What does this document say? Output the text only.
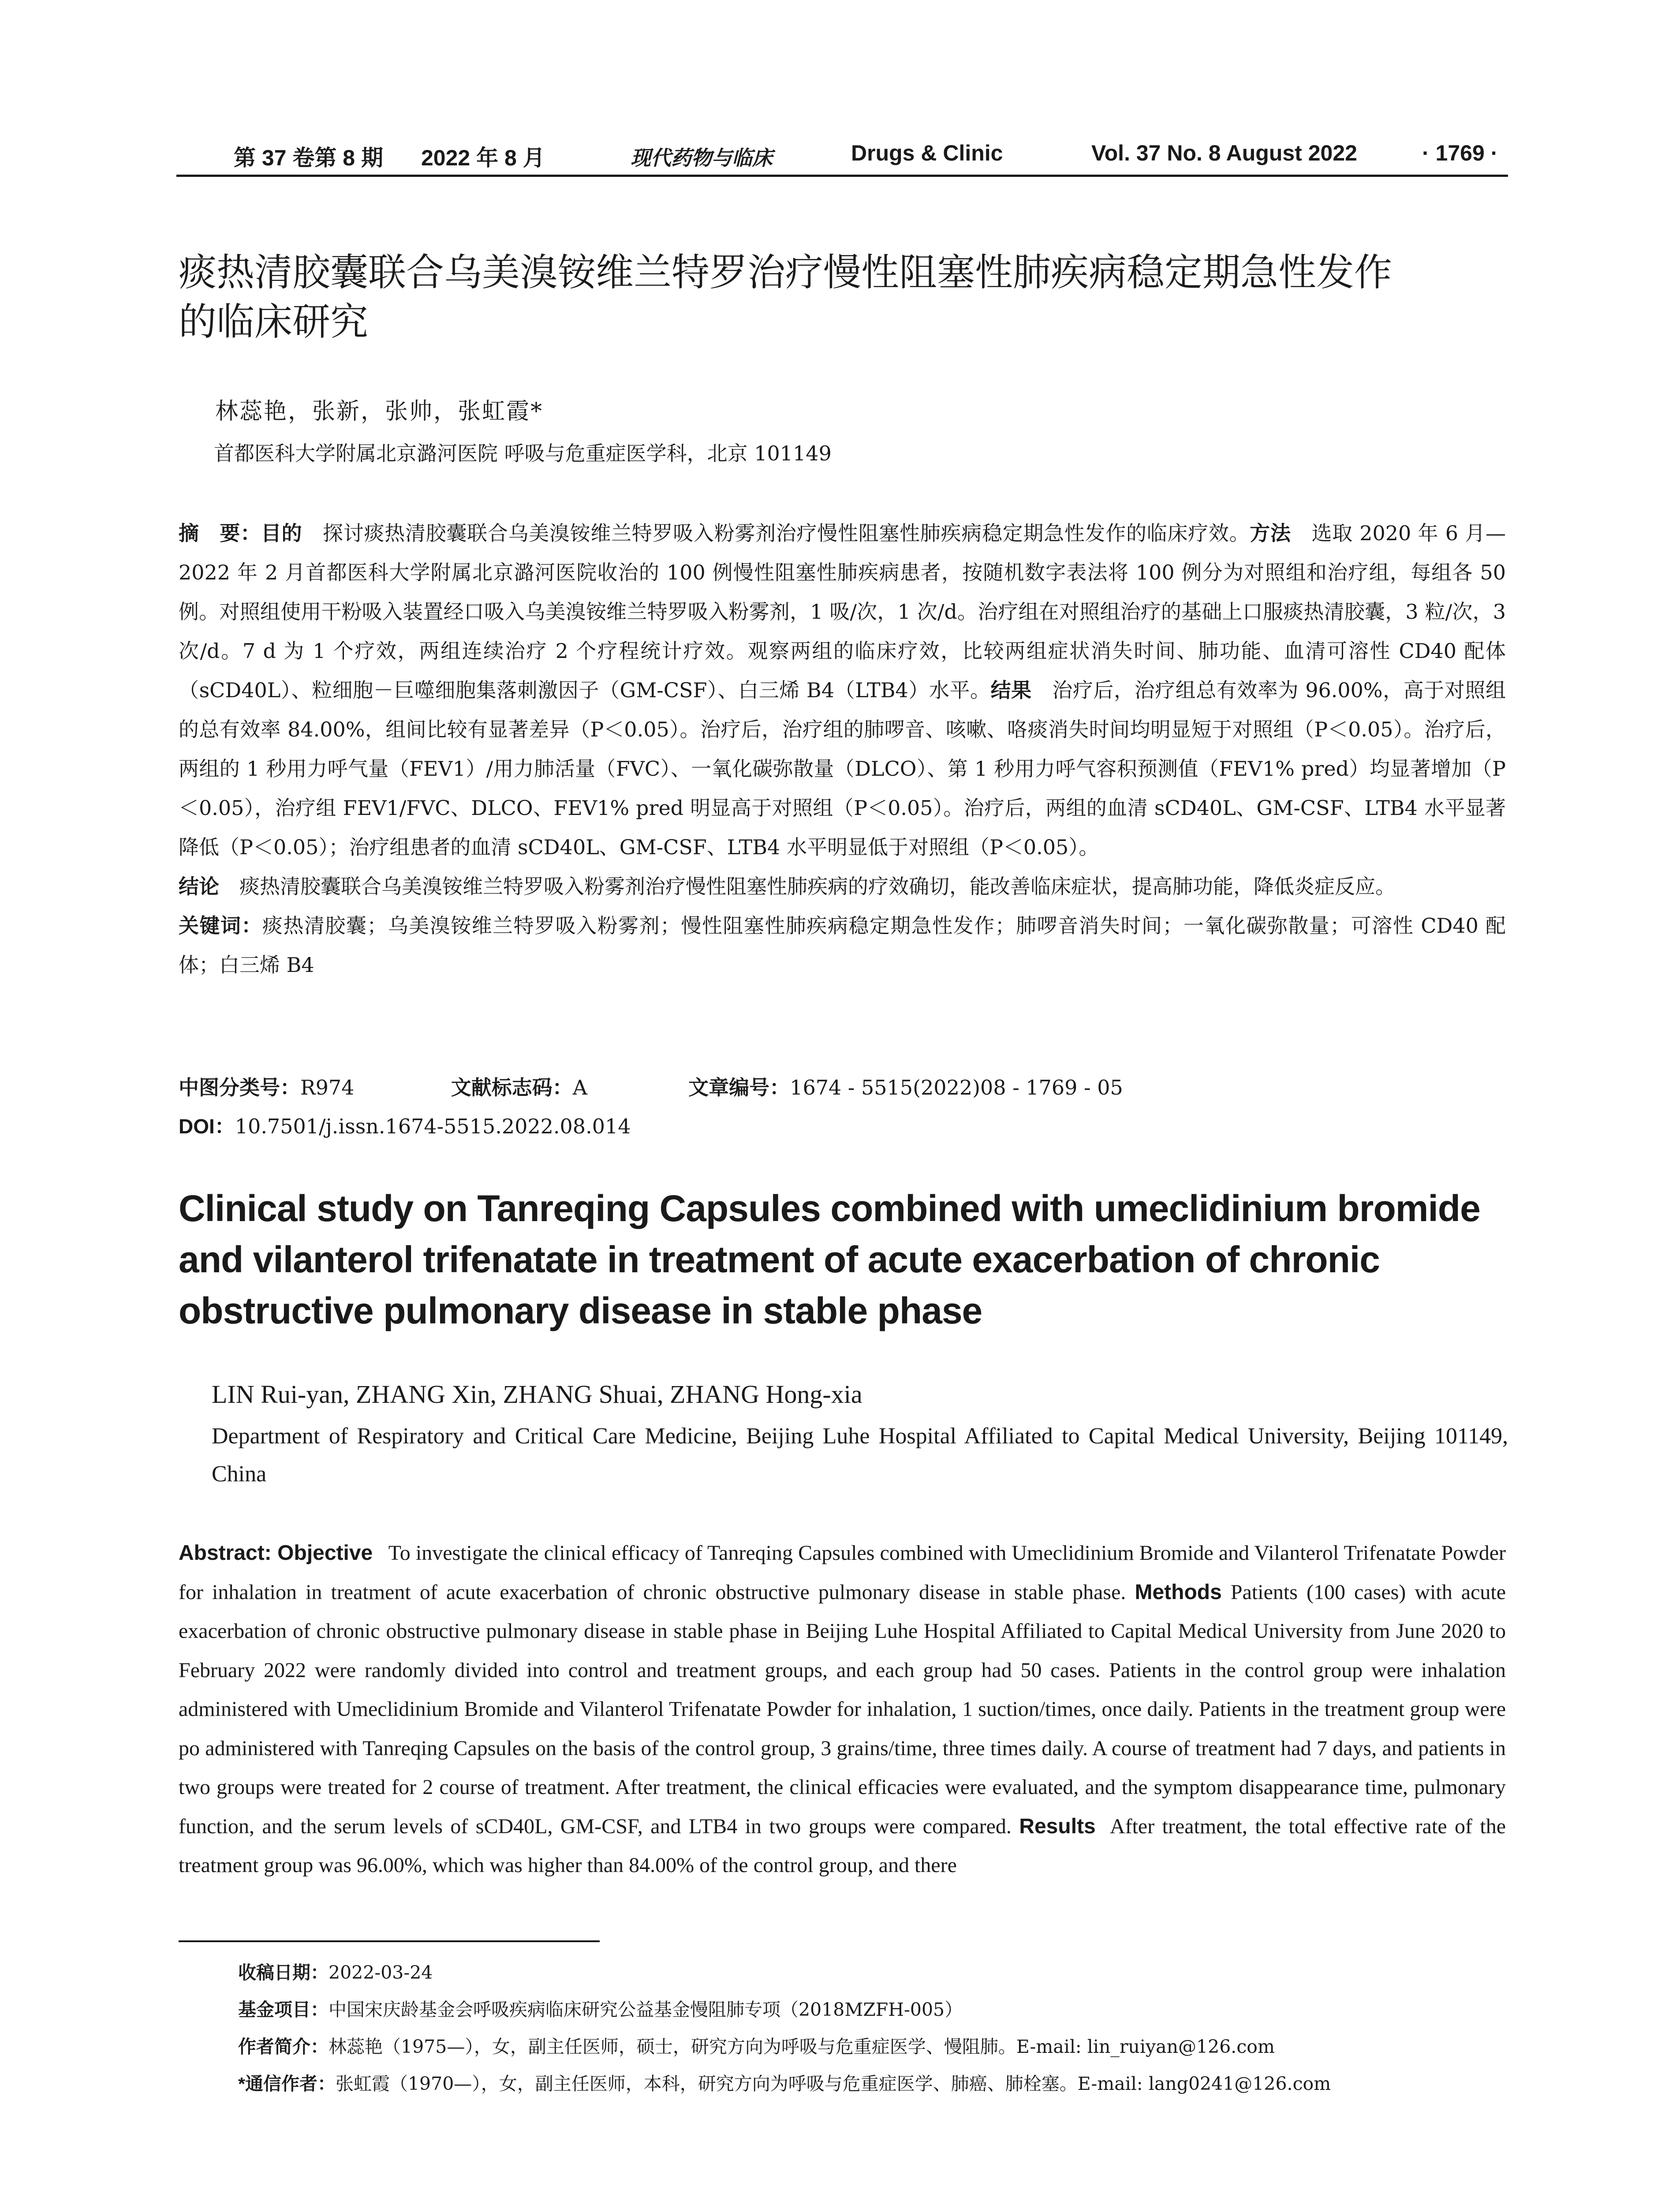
第 37 卷第 8 期 2022 年 8 月	现代药物与临床	Drugs & Clinic	Vol. 37 No. 8 August 2022	· 1769 ·
痰热清胶囊联合乌美溴铵维兰特罗治疗慢性阻塞性肺疾病稳定期急性发作
的临床研究
林蕊艳，张新，张帅，张虹霞*
首都医科大学附属北京潞河医院 呼吸与危重症医学科，北京 101149
摘　要：目的　 探讨痰热清胶囊联合乌美溴铵维兰特罗吸入粉雾剂治疗慢性阻塞性肺疾病稳定期急性发作的临床疗效。方法　 选取 2020 年 6 月—2022 年 2 月首都医科大学附属北京潞河医院收治的 100 例慢性阻塞性肺疾病患者，按随机数字表法将 100 例分为对照组和治疗组，每组各 50 例。对照组使用干粉吸入装置经口吸入乌美溴铵维兰特罗吸入粉雾剂，1 吸/次，1 次/d。治疗组在对照组治疗的基础上口服痰热清胶囊，3 粒/次，3 次/d。7 d 为 1 个疗效，两组连续治疗 2 个疗程统计疗效。观察两组的临床疗效，比较两组症状消失时间、肺功能、血清可溶性 CD40 配体（sCD40L）、粒细胞－巨噬细胞集落刺激因子（GM-CSF）、白三烯 B4（LTB4）水平。结果　 治疗后，治疗组总有效率为 96.00%，高于对照组的总有效率 84.00%，组间比较有显著差异（P＜0.05）。治疗后，治疗组的肺啰音、咳嗽、咯痰消失时间均明显短于对照组（P＜0.05）。治疗后，两组的 1 秒用力呼气量（FEV1）/用力肺活量（FVC）、一氧化碳弥散量（DLCO）、第 1 秒用力呼气容积预测值（FEV1% pred）均显著增加（P＜0.05），治疗组 FEV1/FVC、DLCO、FEV1% pred 明显高于对照组（P＜0.05）。治疗后，两组的血清 sCD40L、GM-CSF、LTB4 水平显著降低（P＜0.05）；治疗组患者的血清 sCD40L、GM-CSF、LTB4 水平明显低于对照组（P＜0.05）。
结论　 痰热清胶囊联合乌美溴铵维兰特罗吸入粉雾剂治疗慢性阻塞性肺疾病的疗效确切，能改善临床症状，提高肺功能，降低炎症反应。
关键词：痰热清胶囊；乌美溴铵维兰特罗吸入粉雾剂；慢性阻塞性肺疾病稳定期急性发作；肺啰音消失时间；一氧化碳弥散量；可溶性 CD40 配体；白三烯 B4
中图分类号：R974	文献标志码：A	文章编号：1674 - 5515(2022)08 - 1769 - 05
DOI：10.7501/j.issn.1674-5515.2022.08.014
Clinical study on Tanreqing Capsules combined with umeclidinium bromide and vilanterol trifenatate in treatment of acute exacerbation of chronic obstructive pulmonary disease in stable phase
LIN Rui-yan, ZHANG Xin, ZHANG Shuai, ZHANG Hong-xia
Department of Respiratory and Critical Care Medicine, Beijing Luhe Hospital Affiliated to Capital Medical University, Beijing 101149, China
Abstract: Objective To investigate the clinical efficacy of Tanreqing Capsules combined with Umeclidinium Bromide and Vilanterol Trifenatate Powder for inhalation in treatment of acute exacerbation of chronic obstructive pulmonary disease in stable phase. Methods Patients (100 cases) with acute exacerbation of chronic obstructive pulmonary disease in stable phase in Beijing Luhe Hospital Affiliated to Capital Medical University from June 2020 to February 2022 were randomly divided into control and treatment groups, and each group had 50 cases. Patients in the control group were inhalation administered with Umeclidinium Bromide and Vilanterol Trifenatate Powder for inhalation, 1 suction/times, once daily. Patients in the treatment group were po administered with Tanreqing Capsules on the basis of the control group, 3 grains/time, three times daily. A course of treatment had 7 days, and patients in two groups were treated for 2 course of treatment. After treatment, the clinical efficacies were evaluated, and the symptom disappearance time, pulmonary function, and the serum levels of sCD40L, GM-CSF, and LTB4 in two groups were compared. Results After treatment, the total effective rate of the treatment group was 96.00%, which was higher than 84.00% of the control group, and there
收稿日期：2022-03-24
基金项目：中国宋庆龄基金会呼吸疾病临床研究公益基金慢阻肺专项（2018MZFH-005）
作者简介：林蕊艳（1975—），女，副主任医师，硕士，研究方向为呼吸与危重症医学、慢阻肺。E-mail: lin_ruiyan@126.com
*通信作者：张虹霞（1970—），女，副主任医师，本科，研究方向为呼吸与危重症医学、肺癌、肺栓塞。E-mail: lang0241@126.com
